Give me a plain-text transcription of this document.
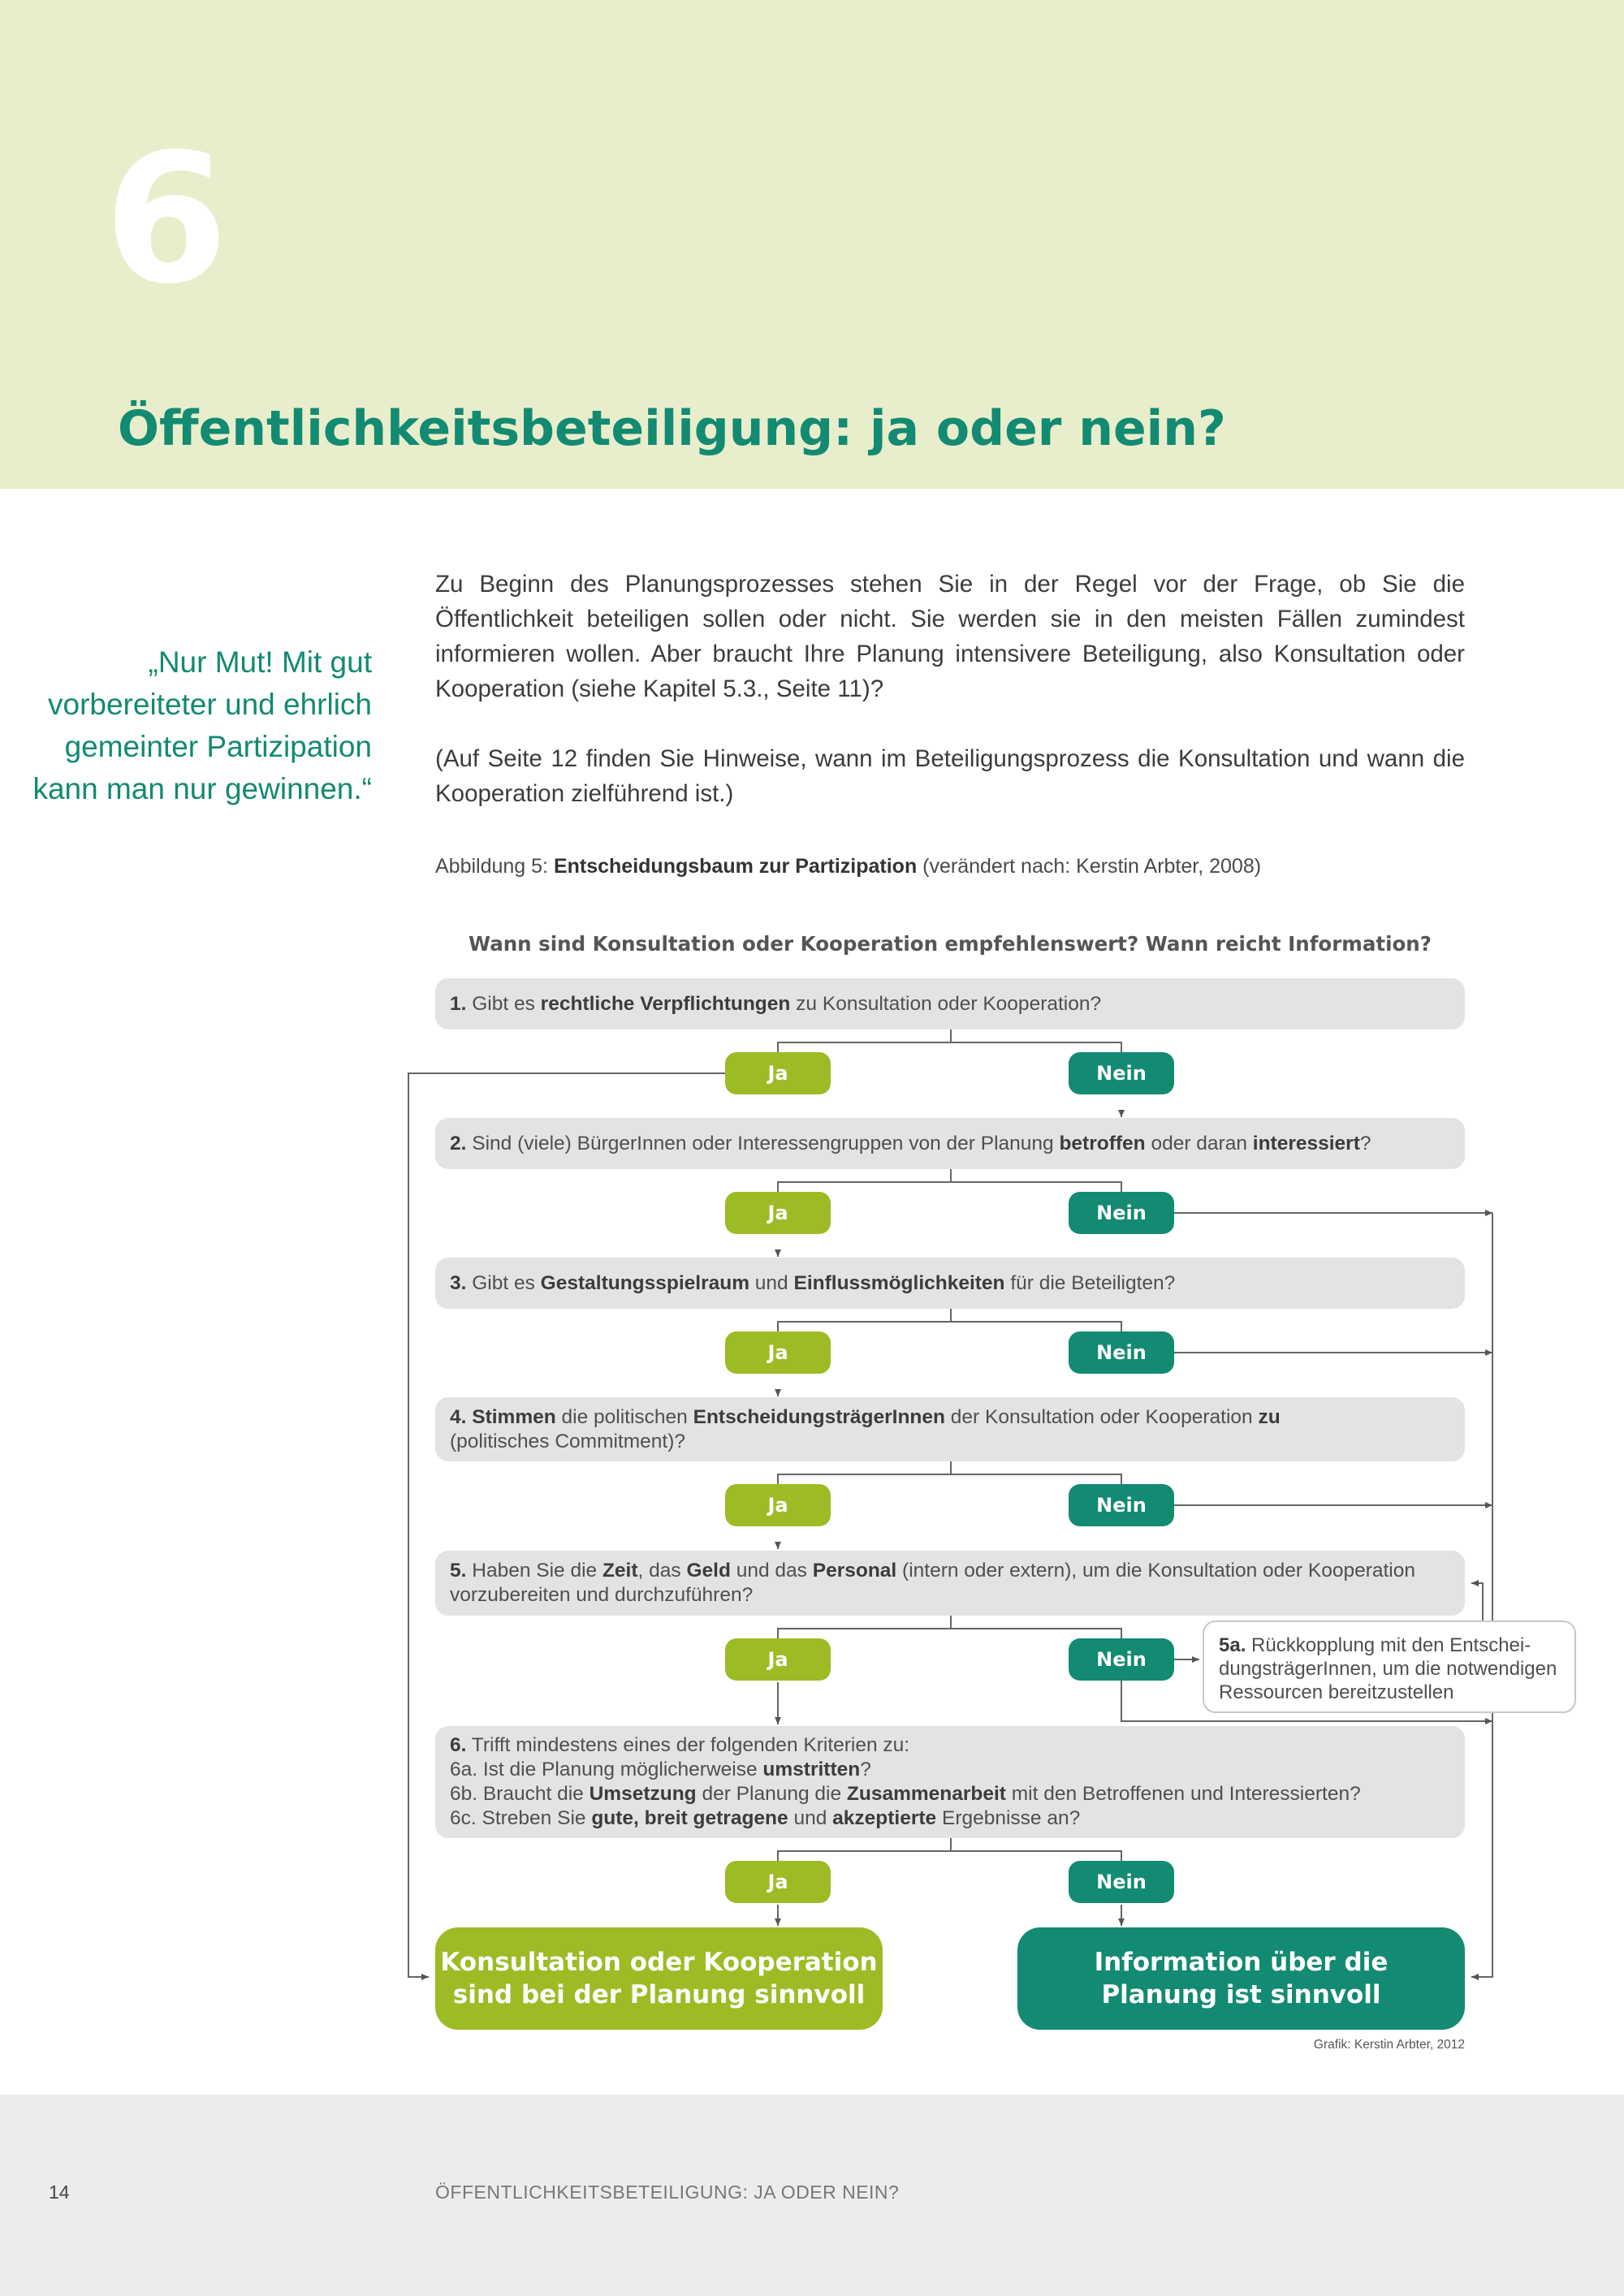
6
Öffentlichkeitsbeteiligung: ja oder nein?
„Nur Mut! Mit gut
vorbereiteter und ehrlich
gemeinter Partizipation
kann man nur gewinnen.“

Zu Beginn des Planungsprozesses stehen Sie in der Regel vor der Frage, ob Sie die Öffentlichkeit beteiligen sollen oder nicht. Sie werden sie in den meisten Fällen zumindest informieren wollen. Aber braucht Ihre Planung intensivere Beteiligung, also Konsultation oder Kooperation (siehe Kapitel 5.3., Seite 11)?

(Auf Seite 12 finden Sie Hinweise, wann im Beteiligungsprozess die Konsultation und wann die Kooperation zielführend ist.)

Abbildung 5: Entscheidungsbaum zur Partizipation (verändert nach: Kerstin Arbter, 2008)
Wann sind Konsultation oder Kooperation empfehlenswert? Wann reicht Information?
1. Gibt es rechtliche Verpflichtungen zu Konsultation oder Kooperation?
Ja	Nein
2. Sind (viele) BürgerInnen oder Interessengruppen von der Planung betroffen oder daran interessiert?
Ja	Nein
3. Gibt es Gestaltungsspielraum und Einflussmöglichkeiten für die Beteiligten?
Ja	Nein
4. Stimmen die politischen EntscheidungsträgerInnen der Konsultation oder Kooperation zu
(politisches Commitment)?
Ja	Nein
5. Haben Sie die Zeit, das Geld und das Personal (intern oder extern), um die Konsultation oder Kooperation
vorzubereiten und durchzuführen?
Ja	Nein
5a. Rückkopplung mit den Entschei-
dungsträgerInnen, um die notwendigen
Ressourcen bereitzustellen
6. Trifft mindestens eines der folgenden Kriterien zu:
6a. Ist die Planung möglicherweise umstritten?
6b. Braucht die Umsetzung der Planung die Zusammenarbeit mit den Betroffenen und Interessierten?
6c. Streben Sie gute, breit getragene und akzeptierte Ergebnisse an?
Ja	Nein
Konsultation oder Kooperation
sind bei der Planung sinnvoll
Information über die
Planung ist sinnvoll
Grafik: Kerstin Arbter, 2012
14	ÖFFENTLICHKEITSBETEILIGUNG: JA ODER NEIN?
